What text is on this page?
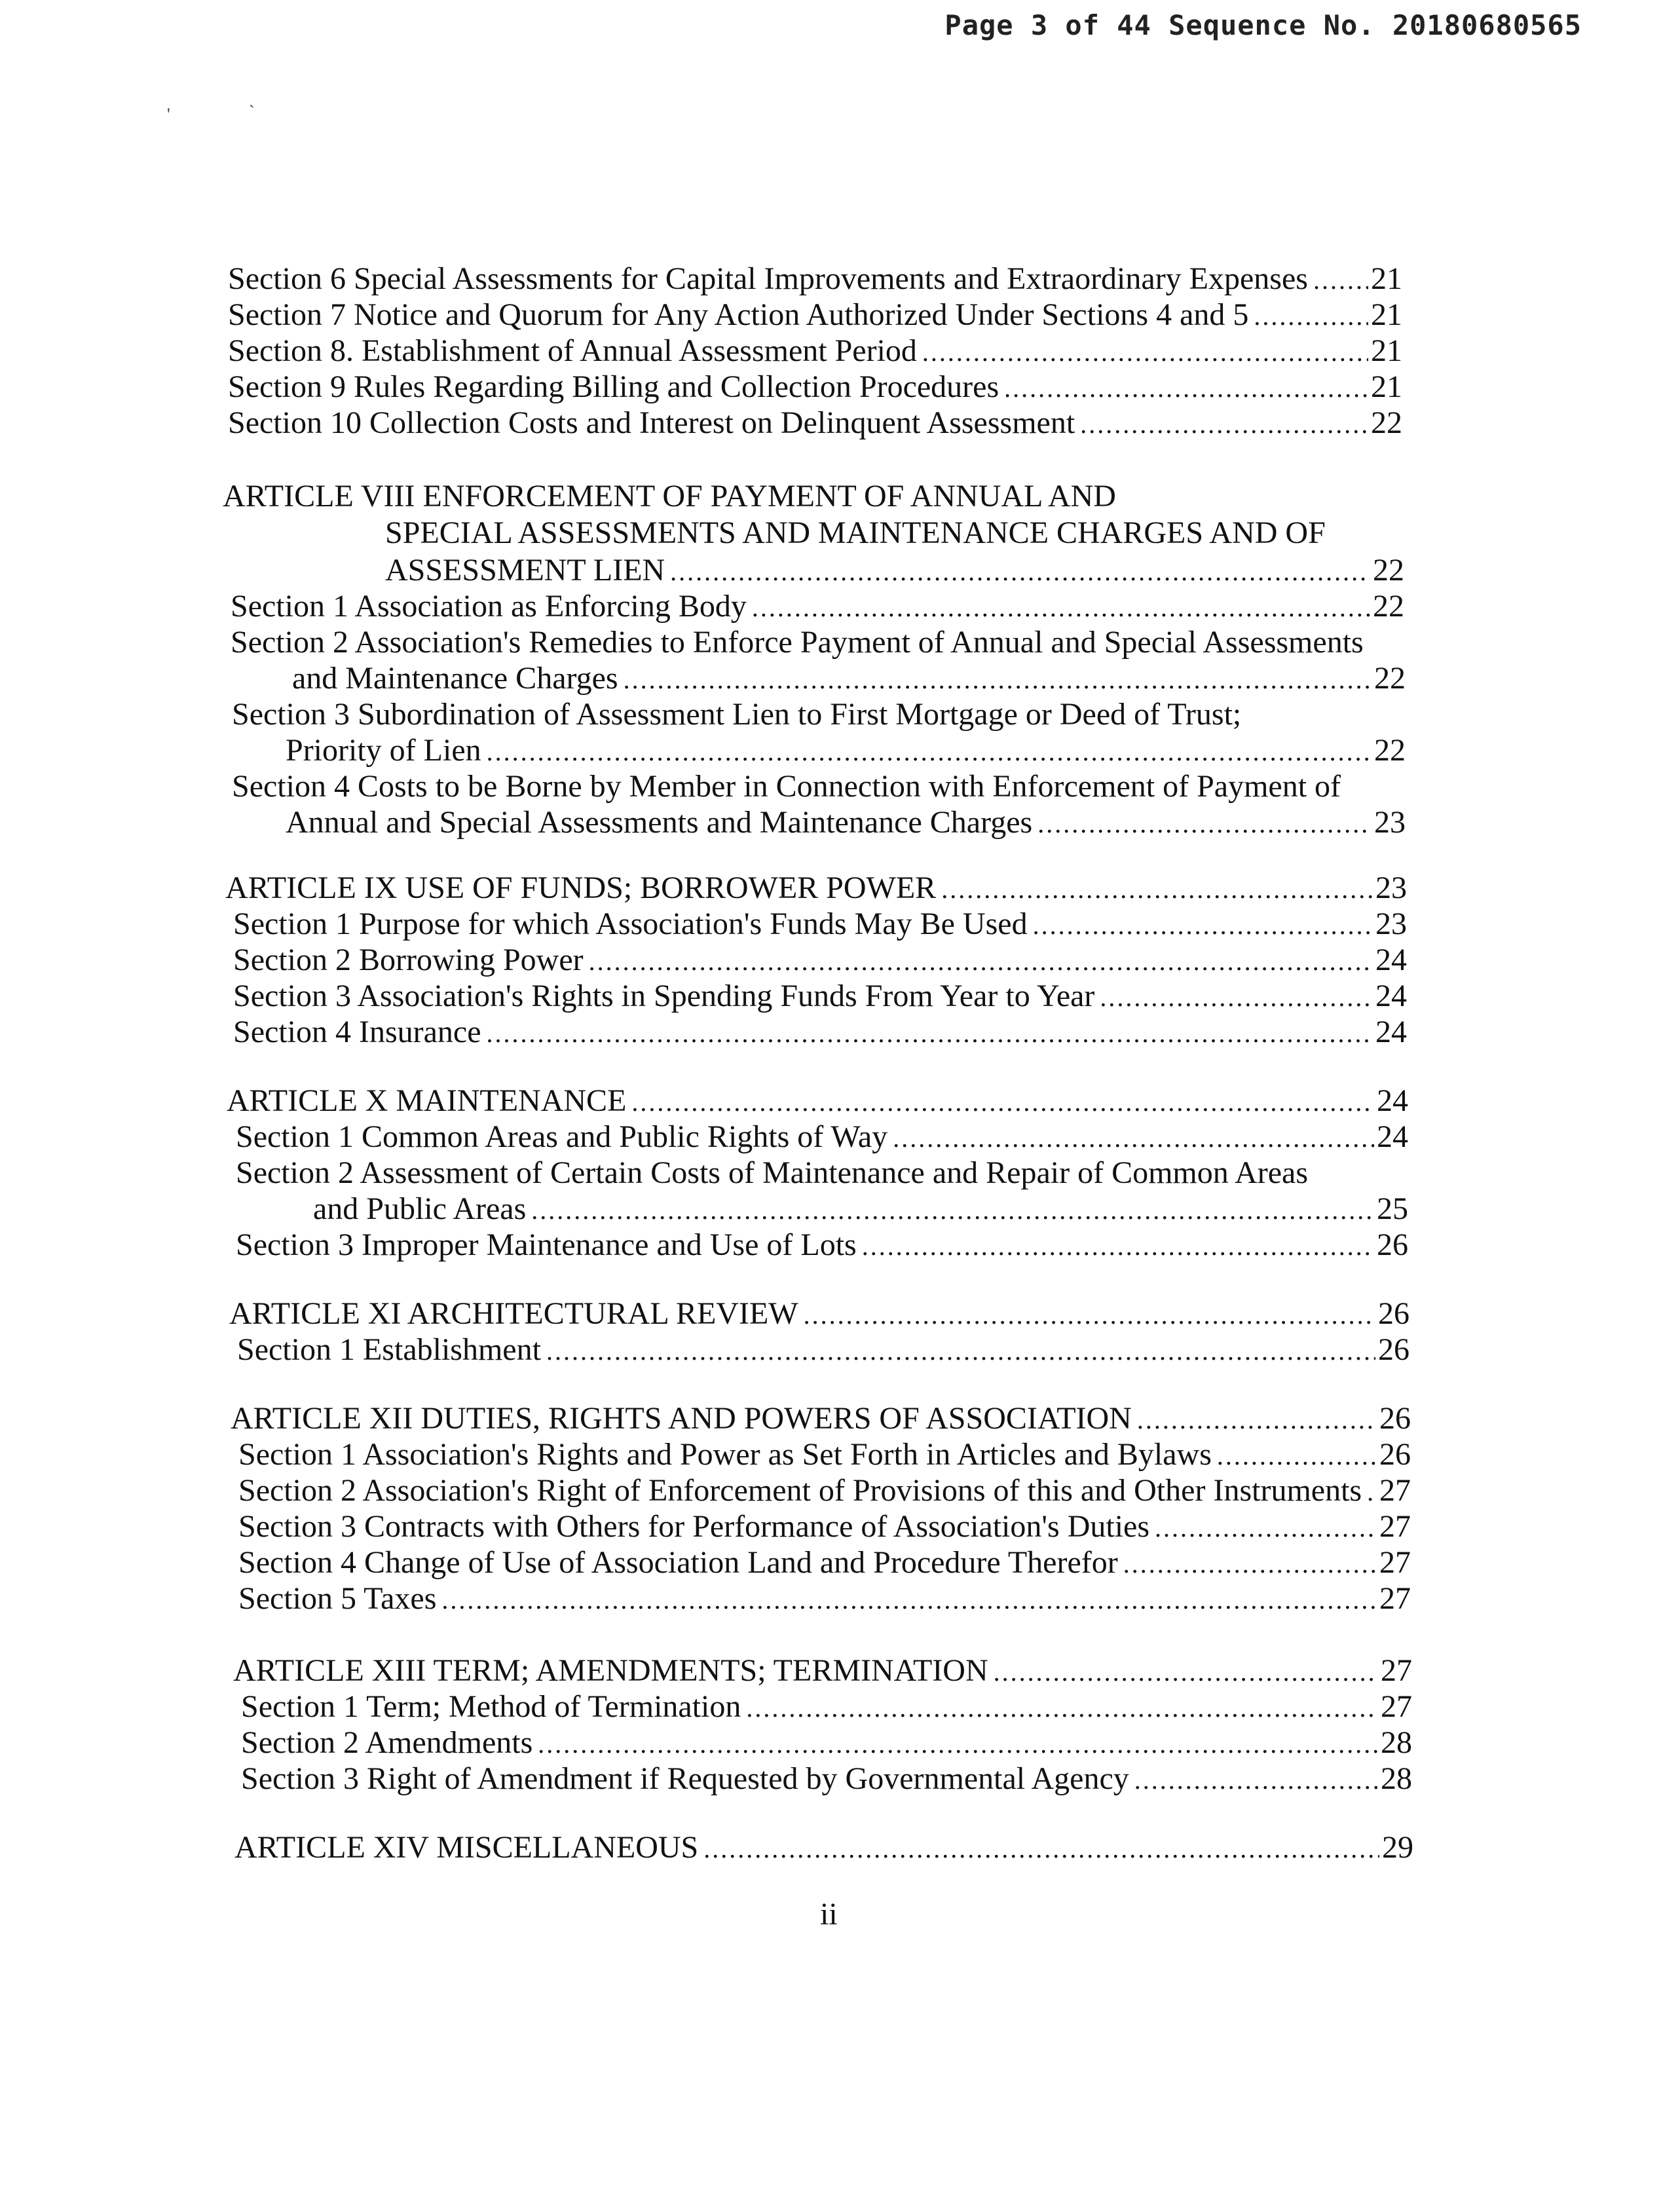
Page 3 of 44 Sequence No. 20180680565
'	`
Section 6 Special Assessments for Capital Improvements and Extraordinary Expenses ..... 21
Section 7 Notice and Quorum for Any Action Authorized Under Sections 4 and 5 .....	21
Section 8. Establishment of Annual Assessment Period .....	21
Section 9 Rules Regarding Billing and Collection Procedures .....	21
Section 10 Collection Costs and Interest on Delinquent Assessment .....	22
ARTICLE VIII ENFORCEMENT OF PAYMENT OF ANNUAL AND
SPECIAL ASSESSMENTS AND MAINTENANCE CHARGES AND OF
ASSESSMENT LIEN .....	22
Section 1 Association as Enforcing Body .....	22
Section 2 Association's Remedies to Enforce Payment of Annual and Special Assessments
and Maintenance Charges .....	22
Section 3 Subordination of Assessment Lien to First Mortgage or Deed of Trust;
Priority of Lien .....	22
Section 4 Costs to be Borne by Member in Connection with Enforcement of Payment of
Annual and Special Assessments and Maintenance Charges .....	23
ARTICLE IX USE OF FUNDS; BORROWER POWER .....	23
Section 1 Purpose for which Association's Funds May Be Used .....	23
Section 2 Borrowing Power .....	24
Section 3 Association's Rights in Spending Funds From Year to Year .....	24
Section 4 Insurance .....	24
ARTICLE X MAINTENANCE .....	24
Section 1 Common Areas and Public Rights of Way .....	24
Section 2 Assessment of Certain Costs of Maintenance and Repair of Common Areas
and Public Areas .....	25
Section 3 Improper Maintenance and Use of Lots .....	26
ARTICLE XI ARCHITECTURAL REVIEW .....	26
Section 1 Establishment .....	26
ARTICLE XII DUTIES, RIGHTS AND POWERS OF ASSOCIATION .....	26
Section 1 Association's Rights and Power as Set Forth in Articles and Bylaws .....	26
Section 2 Association's Right of Enforcement of Provisions of this and Other Instruments ..... 27
Section 3 Contracts with Others for Performance of Association's Duties .....	27
Section 4 Change of Use of Association Land and Procedure Therefor .....	27
Section 5 Taxes .....	27
ARTICLE XIII TERM; AMENDMENTS; TERMINATION .....	27
Section 1 Term; Method of Termination .....	27
Section 2 Amendments .....	28
Section 3 Right of Amendment if Requested by Governmental Agency .....	28
ARTICLE XIV MISCELLANEOUS .....	29
ii
